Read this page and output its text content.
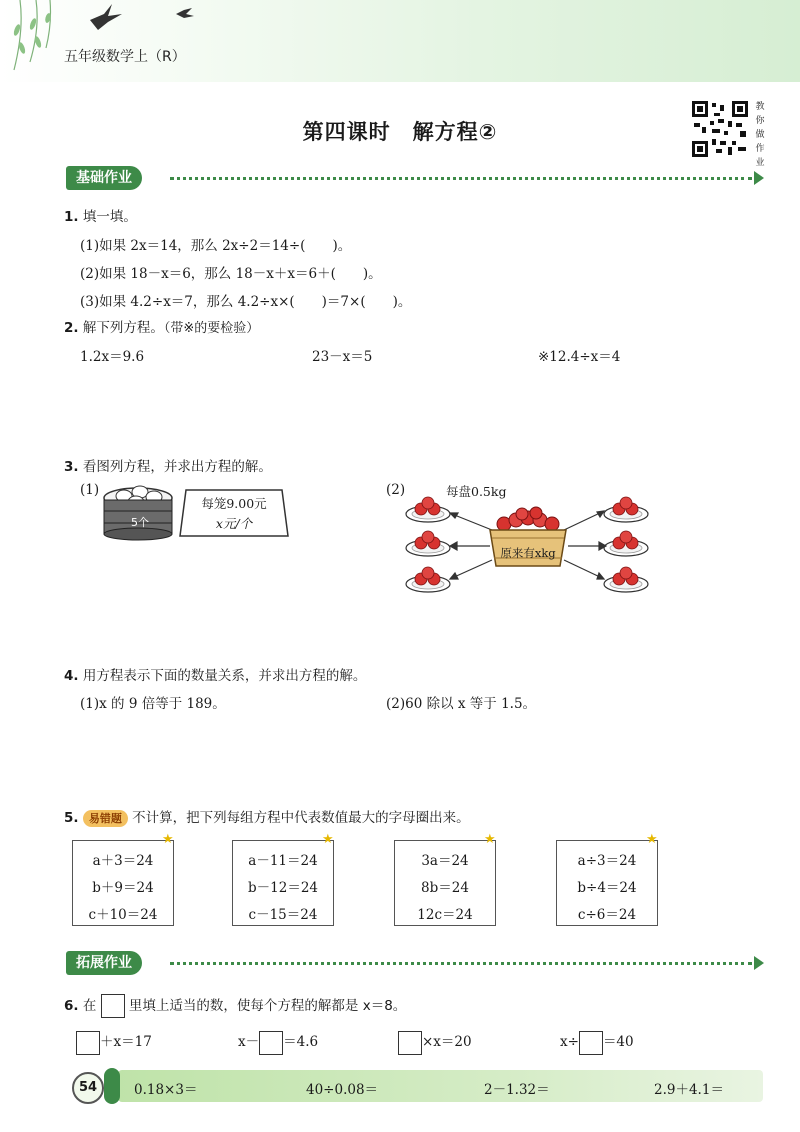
五年级数学上（R）
第四课时　解方程②
教你做作业
基础作业
1. 填一填。
(1)如果 2x＝14，那么 2x÷2＝14÷(　　)。
(2)如果 18－x＝6，那么 18－x＋x＝6＋(　　)。
(3)如果 4.2÷x＝7，那么 4.2÷x×(　　)＝7×(　　)。
2. 解下列方程。（带※的要检验）
1.2x＝9.6	23－x＝5	※12.4÷x＝4
3. 看图列方程，并求出方程的解。
(1)
5个
每笼9.00元
x元/个
(2)	每盘0.5kg
原来有xkg
4. 用方程表示下面的数量关系，并求出方程的解。
(1)x 的 9 倍等于 189。	(2)60 除以 x 等于 1.5。
5. 易错题 不计算，把下列每组方程中代表数值最大的字母圈出来。
a＋3＝24
b＋9＝24
c＋10＝24
★
a－11＝24
b－12＝24
c－15＝24
★
3a＝24
8b＝24
12c＝24
★
a÷3＝24
b÷4＝24
c÷6＝24
★
拓展作业
6. 在 里填上适当的数，使每个方程的解都是 x＝8。
＋x＝17	x－ ＝4.6	×x＝20	x÷ ＝40
54	0.18×3＝	40÷0.08＝	2－1.32＝	2.9＋4.1＝
